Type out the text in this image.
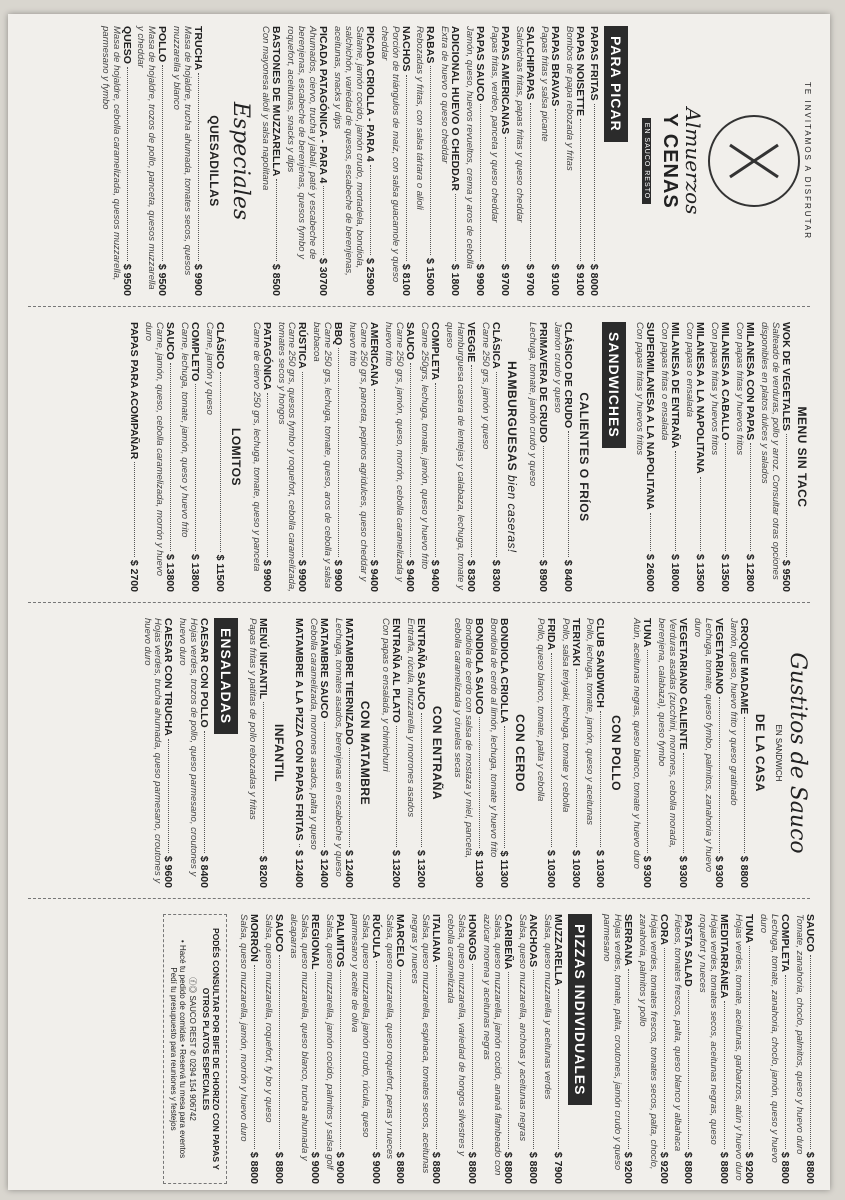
TE INVITAMOS A DISFRUTAR
Almuerzos
Y CENAS
EN SAUCO RESTO
PARA PICAR
PAPAS FRITAS
$ 8000
PAPAS NOISETTE
$ 9100
Bombos de papa rebozada y fritas
PAPAS BRAVAS
$ 9100
Papas fritas y salsa picante
SALCHIPAPAS
$ 9700
Salchichas fritas, papas fritas y queso cheddar
PAPAS AMERICANAS
$ 9700
Papas fritas, verdeo, panceta y queso cheddar
PAPAS SAUCO
$ 9900
Jamón, queso, huevos revueltos, crema y aros de cebolla
ADICIONAL HUEVO O CHEDDAR
$ 1800
Extra de huevo o queso cheddar
RABAS
$ 15000
Rebozadas y fritas, con salsa tártara o alioli
NACHOS
$ 8100
Porción de triángulos de maíz, con salsa guacamole y queso cheddar
PICADA CRIOLLA - PARA 4
$ 25900
Salame, jamón cocido, jamón crudo, mortadela, bondiola, salchichón, variedad de quesos, escabeche de berenjenas, aceitunas, snacks y dips
PICADA PATAGÓNICA - PARA 4
$ 30700
Ahumados, ciervo, trucha y jabalí, paté y escabeche de berenjenas, escabeche de berenjenas, quesos fymbo y roquefort, aceitunas, snacks y dips
BASTONES DE MUZZARELLA
$ 8500
Con mayonesa alioli y salsa napolitana
Especiales
QUESADILLAS
TRUCHA
$ 9900
Masa de hojaldre, trucha ahumada, tomates secos, quesos muzzarella y blanco
POLLO
$ 9500
Masa de hojaldre, trozos de pollo, panceta, quesos muzzarella y cheddar
QUESO
$ 9500
Masa de hojaldre, cebolla caramelizada, quesos muzzarella, parmesano y fymbo
MENU SIN TACC
WOK DE VEGETALES
$ 9500
Salteado de verduras, pollo y arroz. Consultar otras opciones disponibles en platos dulces y salados
MILANESA CON PAPAS
$ 12800
Con papas fritas y huevos fritos
MILANESA A CABALLO
$ 13500
Con papas fritas y huevos fritos
MILANESA A LA NAPOLITANA
$ 13500
Con papas o ensalada
MILANESA DE ENTRAÑA
$ 18000
Con papas fritas o ensalada
SUPERMILANESA A LA NAPOLITANA
$ 26000
Con papas fritas y huevos fritos
SANDWICHES
CALIENTES O FRÍOS
CLÁSICO DE CRUDO
$ 8400
Jamón crudo y queso
PRIMAVERA DE CRUDO
$ 8900
Lechuga, tomate, jamón crudo y queso
HAMBURGUESAS bien caseras!
CLÁSICA
$ 8300
Carne 250 grs, jamón y queso
VEGGIE
$ 8300
Hamburguesa casera de lentejas y calabaza, lechuga, tomate y queso
COMPLETA
$ 9400
Carne 250grs, lechuga, tomate, jamón, queso y huevo frito
SAUCO
$ 9400
Carne 250 grs, jamón, queso, morrón, cebolla caramelizada y huevo frito
AMERICANA
$ 9400
Carne 250 grs, panceta, pepinos agridulces, queso cheddar y huevo frito
BBQ
$ 9900
Carne 250 grs, lechuga, tomate, queso, aros de cebolla y salsa barbacoa
RÚSTICA
$ 9900
Carne 250 grs, quesos fymbo y roquefort, cebolla caramelizada, tomates secos y hongos
PATAGÓNICA
$ 9900
Carne de ciervo 250 grs, lechuga, tomate, queso y panceta
LOMITOS
CLÁSICO
$ 11500
Carne, jamón y queso
COMPLETO
$ 13800
Carne, lechuga, tomate, jamón, queso y huevo frito
SAUCO
$ 13800
Carne, jamón, queso, cebolla caramelizada, morrón y huevo duro
PAPAS PARA ACOMPAÑAR
$ 2700
Gustitos de Sauco
EN SANDWICH
DE LA CASA
CROQUE MADAME
$ 8800
Jamón, queso, huevo frito y queso gratinado
VEGETARIANO
$ 9300
Lechuga, tomate, queso fymbo, palmitos, zanahoria y huevo duro
VEGETARIANO CALIENTE
$ 9300
Verduras asadas (zucchini, morrones, cebolla morada, berenjena, calabaza), queso fymbo
TUNA
$ 9300
Atún, aceitunas negras, queso blanco, tomate y huevo duro
CON POLLO
CLUB SANDWICH
$ 10300
Pollo, lechuga, tomate, jamón, queso y aceitunas
TERIYAKI
$ 10300
Pollo, salsa teriyaki, lechuga, tomate y cebolla
FRIDA
$ 10300
Pollo, queso blanco, tomate, palta y cebolla
CON CERDO
BONDIOLA CRIOLLA
$ 11300
Bondiola de cerdo al limón, lechuga, tomate y huevo frito
BONDIOLA SAUCO
$ 11300
Bondiola de cerdo con salsa de mostaza y miel, panceta, cebolla caramelizada y ciruelas secas
CON ENTRAÑA
ENTRAÑA SAUCO
$ 13200
Entraña, rúcula, muzzarella y morrones asados
ENTRAÑA AL PLATO
$ 13200
Con papas o ensalada, y chimichurri
CON MATAMBRE
MATAMBRE TIERNIZADO
$ 12400
Lechuga, tomates asados, berenjenas en escabeche y queso
MATAMBRE SAUCO
$ 12400
Cebolla caramelizada, morrones asados, palta y queso
MATAMBRE A LA PIZZA CON PAPAS FRITAS
$ 12400
INFANTIL
MENÚ INFANTIL
$ 8200
Papas fritas y patitas de pollo rebozadas y fritas
ENSALADAS
CAESAR CON POLLO
$ 8400
Hojas verdes, trozos de pollo, queso parmesano, croutones y huevo duro
CAESAR CON TRUCHA
$ 9600
Hojas verdes, trucha ahumada, queso parmesano, croutones y huevo duro
SAUCO
$ 8800
Tomate, zanahoria, choclo, palmitos, queso y huevo duro
COMPLETA
$ 8800
Lechuga, tomate, zanahoria, choclo, jamón, queso y huevo duro
TUNA
$ 9200
Hojas verdes, tomate, aceitunas, garbanzos, atún y huevo duro
MEDITARRÁNEA
$ 8800
Hojas verdes, tomates secos, aceitunas negras, queso roquefort y nueces
PASTA SALAD
$ 8800
Fideos, tomates frescos, palta, queso blanco y albahaca
CORA
$ 9200
Hojas verdes, tomates frescos, tomates secos, palta, choclo, zanahoria, palmitos y pollo
SERRANA
$ 9200
Hojas verdes, tomate, palta, croutones, jamón crudo y queso parmesano
PIZZAS INDIVIDUALES
MUZZARELLA
$ 7900
Salsa, queso muzzarella y aceitunas verdes
ANCHOAS
$ 8800
Salsa, queso muzzarella, anchoas y aceitunas negras
CARIBEÑA
$ 8800
Salsa, queso muzzarella, jamón cocido, ananá flambeado con azúcar morena y aceitunas negras
HONGOS
$ 8800
Salsa, queso muzzarella, variedad de hongos silvestres y cebolla caramelizada
ITALIANA
$ 8800
Salsa, queso muzzarella, espinaca, tomates secos, aceitunas negras y nueces
MARCELO
$ 8800
Salsa, queso muzzarella, queso roquefort, peras y nueces
RÚCULA
$ 9000
Salsa, queso muzzarella, jamón crudo, rúcula, queso parmesano y aceite de oliva
PALMITOS
$ 9000
Salsa, queso muzzarella, jamón cocido, palmitos y salsa golf
REGIONAL
$ 9000
Salsa, queso muzzarella, queso blanco, trucha ahumada y alcaparras
SAUCO
$ 8800
Salsa, queso muzzarella, roquefort, fy bo y queso
MORRÓN
$ 8800
Salsa, queso muzzarella, jamón, morrón y huevo duro
PODÉS CONSULTAR POR BIFE DE CHORIZO CON PAPAS Y OTROS PLATOS ESPECIALES
ⓕ◎ SAUCO REST ✆ 0294 154 906742
• Hacé tu pedido de comidas • Reservá tu mesa para eventos
Pedí tu presupuesto para reuniones y festejos
